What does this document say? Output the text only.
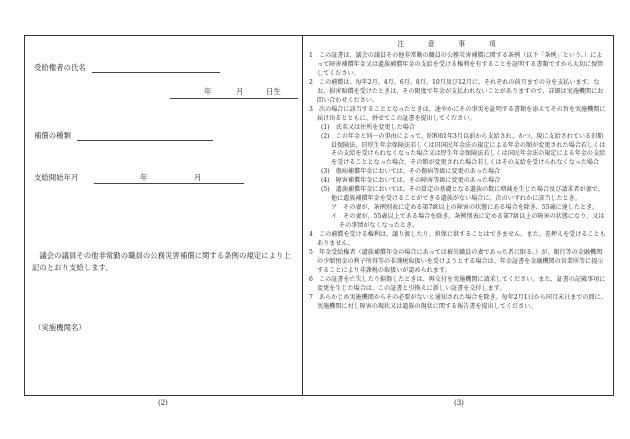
受給権者の氏名
年	月	日生
補償の種類
支給開始年月	年	月
議会の議員その他非常勤の職員の公務災害補償に関する条例の規定により上記のとおり支給します。
（実施機関名）
注意事項
1　この証書は、議会の議員その他非常勤の職員の公務災害補償に関する条例（以下「条例」という。）によって障害補償年金又は遺族補償年金の支給を受ける権利を有することを証明する書類ですから大切に保管してください。
2　この補償は、毎年2月、4月、6月、8月、10月及び12月に、それぞれの前月までの分を支払います。なお、損害賠償を受けたときは、その限度で年金が支払われないことがありますので、詳細は実施機関にお問い合わせください。
3　次の場合に該当することとなったときは、速やかにその事実を証明する書類を添えてその旨を実施機関に届け出るとともに、併せてこの証書を提出してください。
(1)　氏名又は住所を変更した場合
(2)　この年金と同一の事由によって、昭和61年3月以前から支給され、かつ、現に支給されている旧船員保険法、旧厚生年金保険法若しくは旧国民年金法の規定による年金の額が変更された場合若しくはその支給を受けられなくなった場合又は厚生年金保険法若しくは国民年金法の規定による年金の支給を受けることとなった場合、その額が変更された場合若しくはその支給を受けられなくなった場合
(3)　傷病補償年金においては、その傷病等級に変更のあった場合
(4)　障害補償年金においては、その障害等級に変更のあった場合
(5)　遺族補償年金においては、その算定の基礎となる遺族の数に増減を生じた場合及び請求者が妻で、他に遺族補償年金を受けることができる遺族がない場合に、次のいずれかに該当したとき。
ア　その妻が、条例別表に定める第7級以上の障害の状態にある場合を除き、55歳に達したとき。
イ　その妻が、55歳以上である場合を除き、条例別表に定める第7級以上の障害の状態になり、又はその事情がなくなったとき。
4　この補償を受ける権利は、譲り渡したり、担保に供することはできません。また、差押えを受けることもありません。
5　年金受給権者（遺族補償年金の場合にあっては被災職員の妻であった者に限る。）が、銀行等の金融機関の少額預金の利子所得等の非課税取扱いを受けようとする場合は、年金証書を金融機関の営業所等に提示することにより非課税の取扱いが認められます。
6　この証書を亡失したり損傷したときは、再交付を実施機関に請求してください。また、証書の記載事項に変更を生じた場合は、この証書と引換えに新しい証書を交付します。
7　あらかじめ実施機関からその必要がないと通知された場合を除き、毎年2月1日から同月末日までの間に、実施機関に対し障害の現状又は遺族の現状に関する報告書を提出してください。
(2)	(3)
